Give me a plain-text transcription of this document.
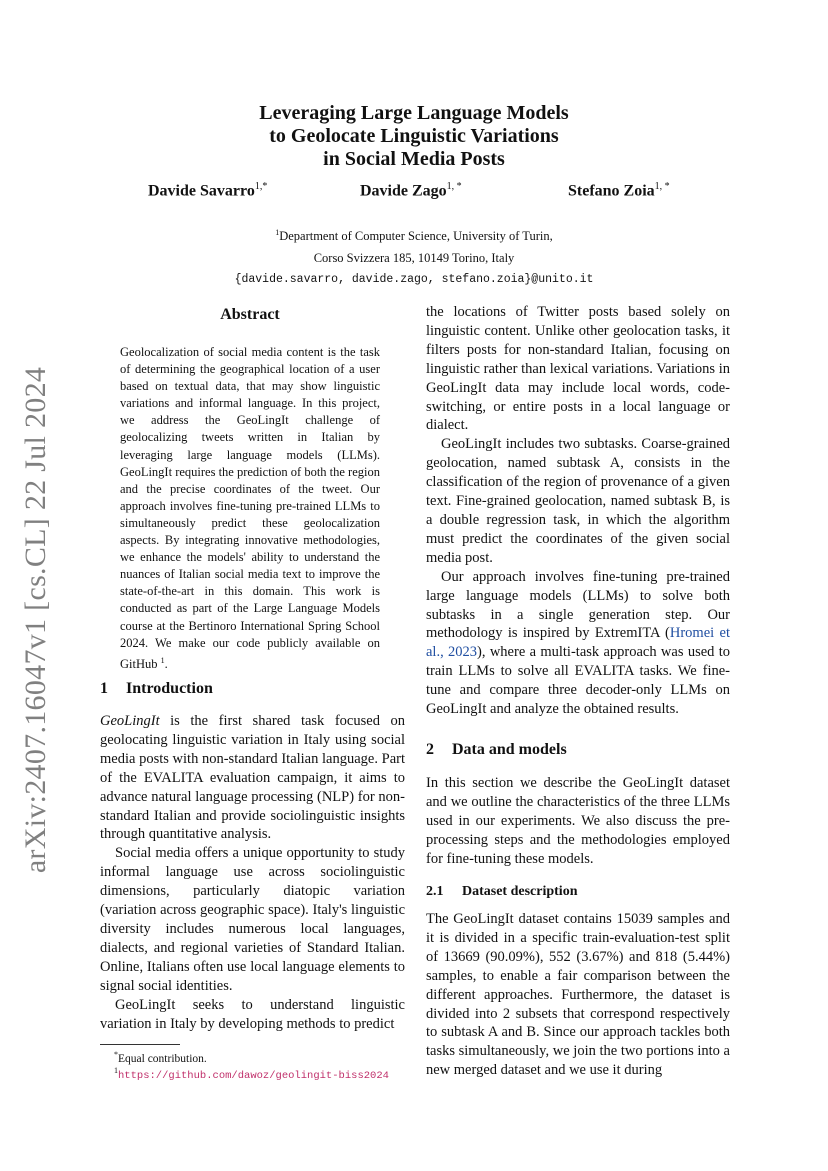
arXiv:2407.16047v1 [cs.CL] 22 Jul 2024
Leveraging Large Language Models
to Geolocate Linguistic Variations
in Social Media Posts
Davide Savarro$^{1,*}$	Davide Zago$^{1, *}$	Stefano Zoia$^{1, *}$
$^1$Department of Computer Science, University of Turin,
Corso Svizzera 185, 10149 Torino, Italy
{davide.savarro, davide.zago, stefano.zoia}@unito.it
Abstract
Geolocalization of social media content is the task of determining the geographical location of a user based on textual data, that may show linguistic variations and informal language. In this project, we address the GeoLingIt challenge of geolocalizing tweets written in Italian by leveraging large language models (LLMs). GeoLingIt requires the prediction of both the region and the precise coordinates of the tweet. Our approach involves fine-tuning pre-trained LLMs to simultaneously predict these geolocalization aspects. By integrating innovative methodologies, we enhance the models' ability to understand the nuances of Italian social media text to improve the state-of-the-art in this domain. This work is conducted as part of the Large Language Models course at the Bertinoro International Spring School 2024. We make our code publicly available on GitHub $^1$.
1 Introduction

GeoLingIt is the first shared task focused on geolocating linguistic variation in Italy using social media posts with non-standard Italian language. Part of the EVALITA evaluation campaign, it aims to advance natural language processing (NLP) for non-standard Italian and provide sociolinguistic insights through quantitative analysis.

Social media offers a unique opportunity to study informal language use across sociolinguistic dimensions, particularly diatopic variation (variation across geographic space). Italy's linguistic diversity includes numerous local languages, dialects, and regional varieties of Standard Italian. Online, Italians often use local language elements to signal social identities.

GeoLingIt seeks to understand linguistic variation in Italy by developing methods to predict

*Equal contribution.
$^1$https://github.com/dawoz/geolingit-biss2024

the locations of Twitter posts based solely on linguistic content. Unlike other geolocation tasks, it filters posts for non-standard Italian, focusing on linguistic rather than lexical variations. Variations in GeoLingIt data may include local words, code-switching, or entire posts in a local language or dialect.

GeoLingIt includes two subtasks. Coarse-grained geolocation, named subtask A, consists in the classification of the region of provenance of a given text. Fine-grained geolocation, named subtask B, is a double regression task, in which the algorithm must predict the coordinates of the given social media post.

Our approach involves fine-tuning pre-trained large language models (LLMs) to solve both subtasks in a single generation step. Our methodology is inspired by ExtremITA (Hromei et al., 2023), where a multi-task approach was used to train LLMs to solve all EVALITA tasks. We fine-tune and compare three decoder-only LLMs on GeoLingIt and analyze the obtained results.

2 Data and models

In this section we describe the GeoLingIt dataset and we outline the characteristics of the three LLMs used in our experiments. We also discuss the pre-processing steps and the methodologies employed for fine-tuning these models.

2.1 Dataset description

The GeoLingIt dataset contains 15039 samples and it is divided in a specific train-evaluation-test split of 13669 (90.09%), 552 (3.67%) and 818 (5.44%) samples, to enable a fair comparison between the different approaches. Furthermore, the dataset is divided into 2 subsets that correspond respectively to subtask A and B. Since our approach tackles both tasks simultaneously, we join the two portions into a new merged dataset and we use it during
